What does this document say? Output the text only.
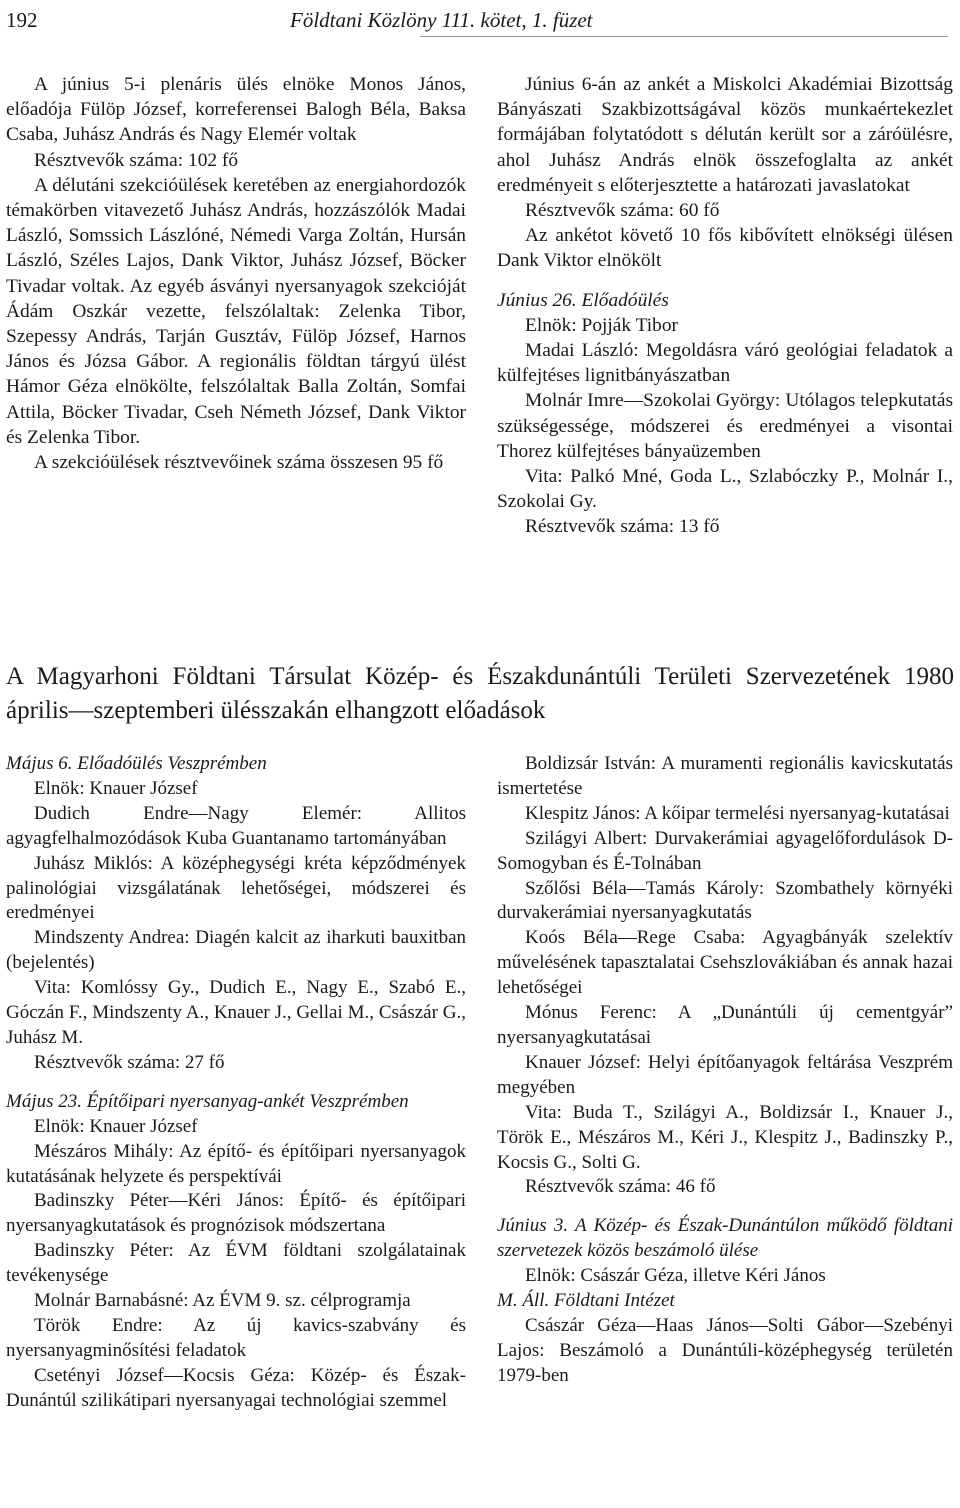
192	Földtani Közlöny 111. kötet, 1. füzet

A június 5-i plenáris ülés elnöke Monos János, előadója Fülöp József, korreferensei Balogh Béla, Baksa Csaba, Juhász András és Nagy Elemér voltak

Résztvevők száma: 102 fő

A délutáni szekcióülések keretében az energiahordozók témakörben vitavezető Juhász András, hozzászólók Madai László, Somssich Lászlóné, Némedi Varga Zoltán, Hursán László, Széles Lajos, Dank Viktor, Juhász József, Böcker Tivadar voltak. Az egyéb ásványi nyersanyagok szekcióját Ádám Oszkár vezette, felszólaltak: Zelenka Tibor, Szepessy András, Tarján Gusztáv, Fülöp József, Harnos János és Józsa Gábor. A regionális földtan tárgyú ülést Hámor Géza elnökölte, felszólaltak Balla Zoltán, Somfai Attila, Böcker Tivadar, Cseh Németh József, Dank Viktor és Zelenka Tibor.

A szekcióülések résztvevőinek száma összesen 95 fő

Június 6-án az ankét a Miskolci Akadémiai Bizottság Bányászati Szakbizottságával közös munkaértekezlet formájában folytatódott s délután került sor a záróülésre, ahol Juhász András elnök összefoglalta az ankét eredményeit s előterjesztette a határozati javaslatokat

Résztvevők száma: 60 fő

Az ankétot követő 10 fős kibővített elnökségi ülésen Dank Viktor elnökölt

Június 26. Előadóülés

Elnök: Pojják Tibor

Madai László: Megoldásra váró geológiai feladatok a külfejtéses lignitbányászatban

Molnár Imre—Szokolai György: Utólagos telepkutatás szükségessége, módszerei és eredményei a visontai Thorez külfejtéses bányaüzemben

Vita: Palkó Mné, Goda L., Szlabóczky P., Molnár I., Szokolai Gy.

Résztvevők száma: 13 fő

A Magyarhoni Földtani Társulat Közép- és Északdunántúli Területi Szervezetének 1980 április—szeptemberi ülésszakán elhangzott előadások

Május 6. Előadóülés Veszprémben

Elnök: Knauer József

Dudich Endre—Nagy Elemér: Allitos agyagfelhalmozódások Kuba Guantanamo tartományában

Juhász Miklós: A középhegységi kréta képződmények palinológiai vizsgálatának lehetőségei, módszerei és eredményei

Mindszenty Andrea: Diagén kalcit az iharkuti bauxitban (bejelentés)

Vita: Komlóssy Gy., Dudich E., Nagy E., Szabó E., Góczán F., Mindszenty A., Knauer J., Gellai M., Császár G., Juhász M.

Résztvevők száma: 27 fő

Május 23. Építőipari nyersanyag-ankét Veszprémben

Elnök: Knauer József

Mészáros Mihály: Az építő- és építőipari nyersanyagok kutatásának helyzete és perspektívái

Badinszky Péter—Kéri János: Építő- és építőipari nyersanyagkutatások és prognózisok módszertana

Badinszky Péter: Az ÉVM földtani szolgálatainak tevékenysége

Molnár Barnabásné: Az ÉVM 9. sz. célprogramja

Török Endre: Az új kavics-szabvány és nyersanyagminősítési feladatok

Csetényi József—Kocsis Géza: Közép- és Észak-Dunántúl szilikátipari nyersanyagai technológiai szemmel

Boldizsár István: A muramenti regionális kavicskutatás ismertetése

Klespitz János: A kőipar termelési nyersanyag-kutatásai

Szilágyi Albert: Durvakerámiai agyagelőfordulások D-Somogyban és É-Tolnában

Szőlősi Béla—Tamás Károly: Szombathely környéki durvakerámiai nyersanyagkutatás

Koós Béla—Rege Csaba: Agyagbányák szelektív művelésének tapasztalatai Csehszlovákiában és annak hazai lehetőségei

Mónus Ferenc: A „Dunántúli új cementgyár” nyersanyagkutatásai

Knauer József: Helyi építőanyagok feltárása Veszprém megyében

Vita: Buda T., Szilágyi A., Boldizsár I., Knauer J., Török E., Mészáros M., Kéri J., Klespitz J., Badinszky P., Kocsis G., Solti G.

Résztvevők száma: 46 fő

Június 3. A Közép- és Észak-Dunántúlon működő földtani szervetezek közös beszámoló ülése

Elnök: Császár Géza, illetve Kéri János

M. Áll. Földtani Intézet

Császár Géza—Haas János—Solti Gábor—Szebényi Lajos: Beszámoló a Dunántúli-középhegység területén 1979-ben
